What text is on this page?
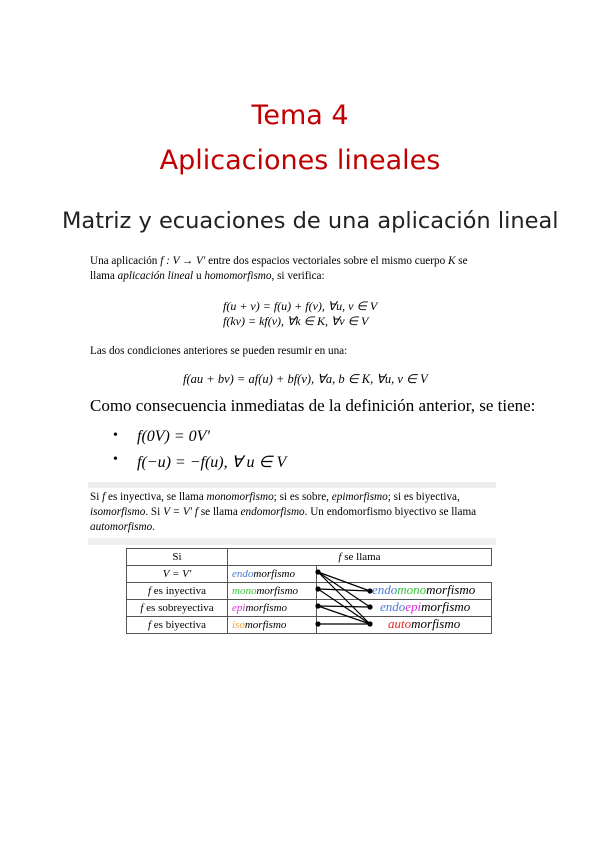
Tema 4
Aplicaciones lineales
Matriz y ecuaciones de una aplicación lineal

Una aplicación f : V → V′ entre dos espacios vectoriales sobre el mismo cuerpo K se llama aplicación lineal u homomorfismo, si verifica:

f(u + v) = f(u) + f(v), ∀u, v ∈ V
f(kv) = kf(v), ∀k ∈ K, ∀v ∈ V

Las dos condiciones anteriores se pueden resumir en una:

f(au + bv) = af(u) + bf(v), ∀a, b ∈ K, ∀u, v ∈ V
Como consecuencia inmediatas de la definición anterior, se tiene:
• f(0V) = 0V′
• f(−u) = −f(u), ∀ u ∈ V

Si f es inyectiva, se llama monomorfismo; si es sobre, epimorfismo; si es biyectiva, isomorfismo. Si V = V′ f se llama endomorfismo. Un endomorfismo biyectivo se llama automorfismo.

Si	f se llama	
V = V′	endomorfismo	
f es inyectiva	monomorfismo	
f es sobreyectiva	epimorfismo	
f es biyectiva	isomorfismo	
endomonomorfismo
endoepimorfismo
automorfismo
